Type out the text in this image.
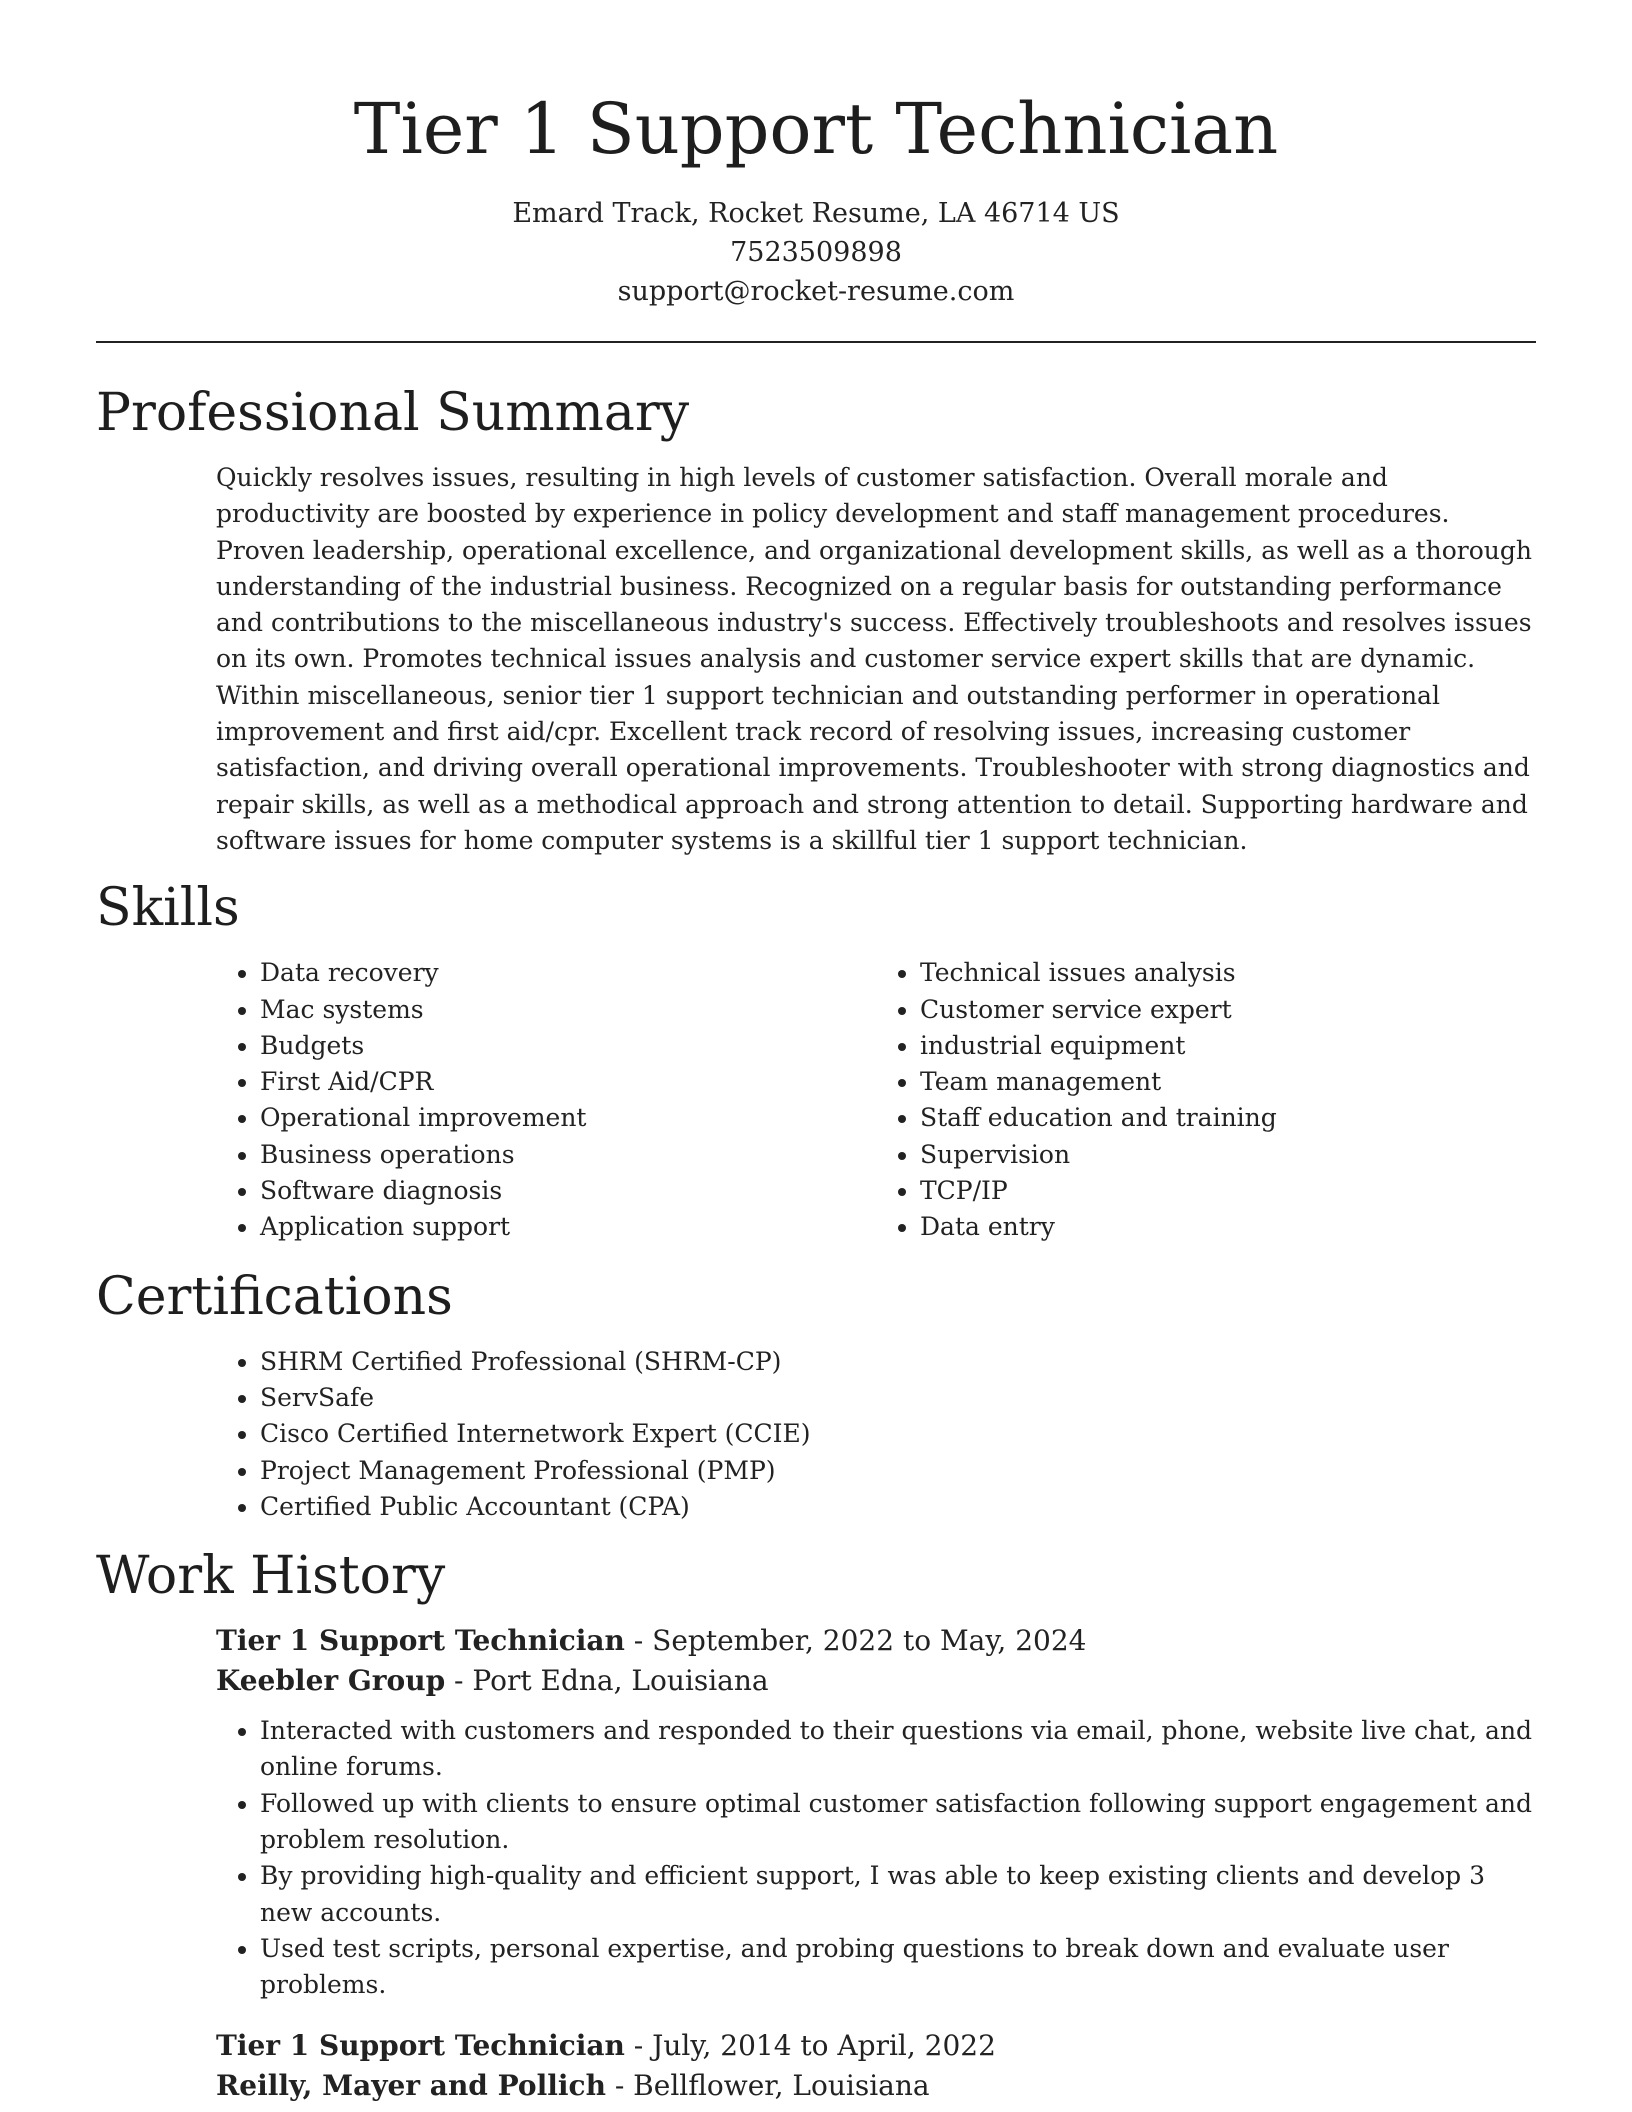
Tier 1 Support Technician
Emard Track, Rocket Resume, LA 46714 US
7523509898
support@rocket-resume.com
Professional Summary
Quickly resolves issues, resulting in high levels of customer satisfaction. Overall morale and productivity are boosted by experience in policy development and staff management procedures. Proven leadership, operational excellence, and organizational development skills, as well as a thorough understanding of the industrial business. Recognized on a regular basis for outstanding performance and contributions to the miscellaneous industry's success. Effectively troubleshoots and resolves issues on its own. Promotes technical issues analysis and customer service expert skills that are dynamic. Within miscellaneous, senior tier 1 support technician and outstanding performer in operational improvement and first aid/cpr. Excellent track record of resolving issues, increasing customer satisfaction, and driving overall operational improvements. Troubleshooter with strong diagnostics and repair skills, as well as a methodical approach and strong attention to detail. Supporting hardware and software issues for home computer systems is a skillful tier 1 support technician.
Skills
• Data recovery
• Mac systems
• Budgets
• First Aid/CPR
• Operational improvement
• Business operations
• Software diagnosis
• Application support
• Technical issues analysis
• Customer service expert
• industrial equipment
• Team management
• Staff education and training
• Supervision
• TCP/IP
• Data entry
Certifications
• SHRM Certified Professional (SHRM-CP)
• ServSafe
• Cisco Certified Internetwork Expert (CCIE)
• Project Management Professional (PMP)
• Certified Public Accountant (CPA)
Work History
Tier 1 Support Technician - September, 2022 to May, 2024
Keebler Group - Port Edna, Louisiana
• Interacted with customers and responded to their questions via email, phone, website live chat, and online forums.
• Followed up with clients to ensure optimal customer satisfaction following support engagement and problem resolution.
• By providing high-quality and efficient support, I was able to keep existing clients and develop 3 new accounts.
• Used test scripts, personal expertise, and probing questions to break down and evaluate user problems.
Tier 1 Support Technician - July, 2014 to April, 2022
Reilly, Mayer and Pollich - Bellflower, Louisiana
